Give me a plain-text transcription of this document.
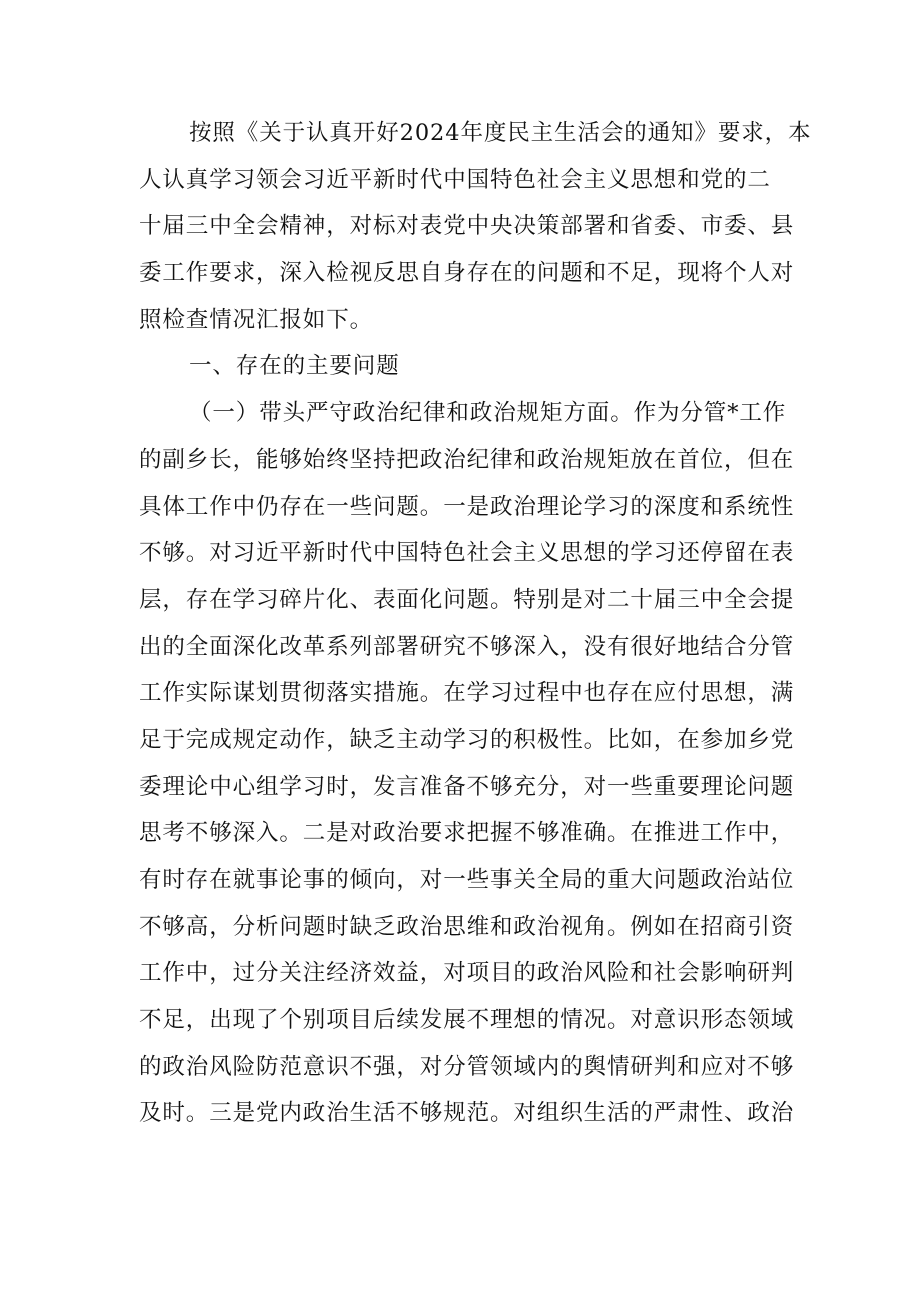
按照《关于认真开好2024年度民主生活会的通知》要求，本
人认真学习领会习近平新时代中国特色社会主义思想和党的二
十届三中全会精神，对标对表党中央决策部署和省委、市委、县
委工作要求，深入检视反思自身存在的问题和不足，现将个人对
照检查情况汇报如下。
一、存在的主要问题
（一）带头严守政治纪律和政治规矩方面。作为分管*工作
的副乡长，能够始终坚持把政治纪律和政治规矩放在首位，但在
具体工作中仍存在一些问题。一是政治理论学习的深度和系统性
不够。对习近平新时代中国特色社会主义思想的学习还停留在表
层，存在学习碎片化、表面化问题。特别是对二十届三中全会提
出的全面深化改革系列部署研究不够深入，没有很好地结合分管
工作实际谋划贯彻落实措施。在学习过程中也存在应付思想，满
足于完成规定动作，缺乏主动学习的积极性。比如，在参加乡党
委理论中心组学习时，发言准备不够充分，对一些重要理论问题
思考不够深入。二是对政治要求把握不够准确。在推进工作中，
有时存在就事论事的倾向，对一些事关全局的重大问题政治站位
不够高，分析问题时缺乏政治思维和政治视角。例如在招商引资
工作中，过分关注经济效益，对项目的政治风险和社会影响研判
不足，出现了个别项目后续发展不理想的情况。对意识形态领域
的政治风险防范意识不强，对分管领域内的舆情研判和应对不够
及时。三是党内政治生活不够规范。对组织生活的严肃性、政治
